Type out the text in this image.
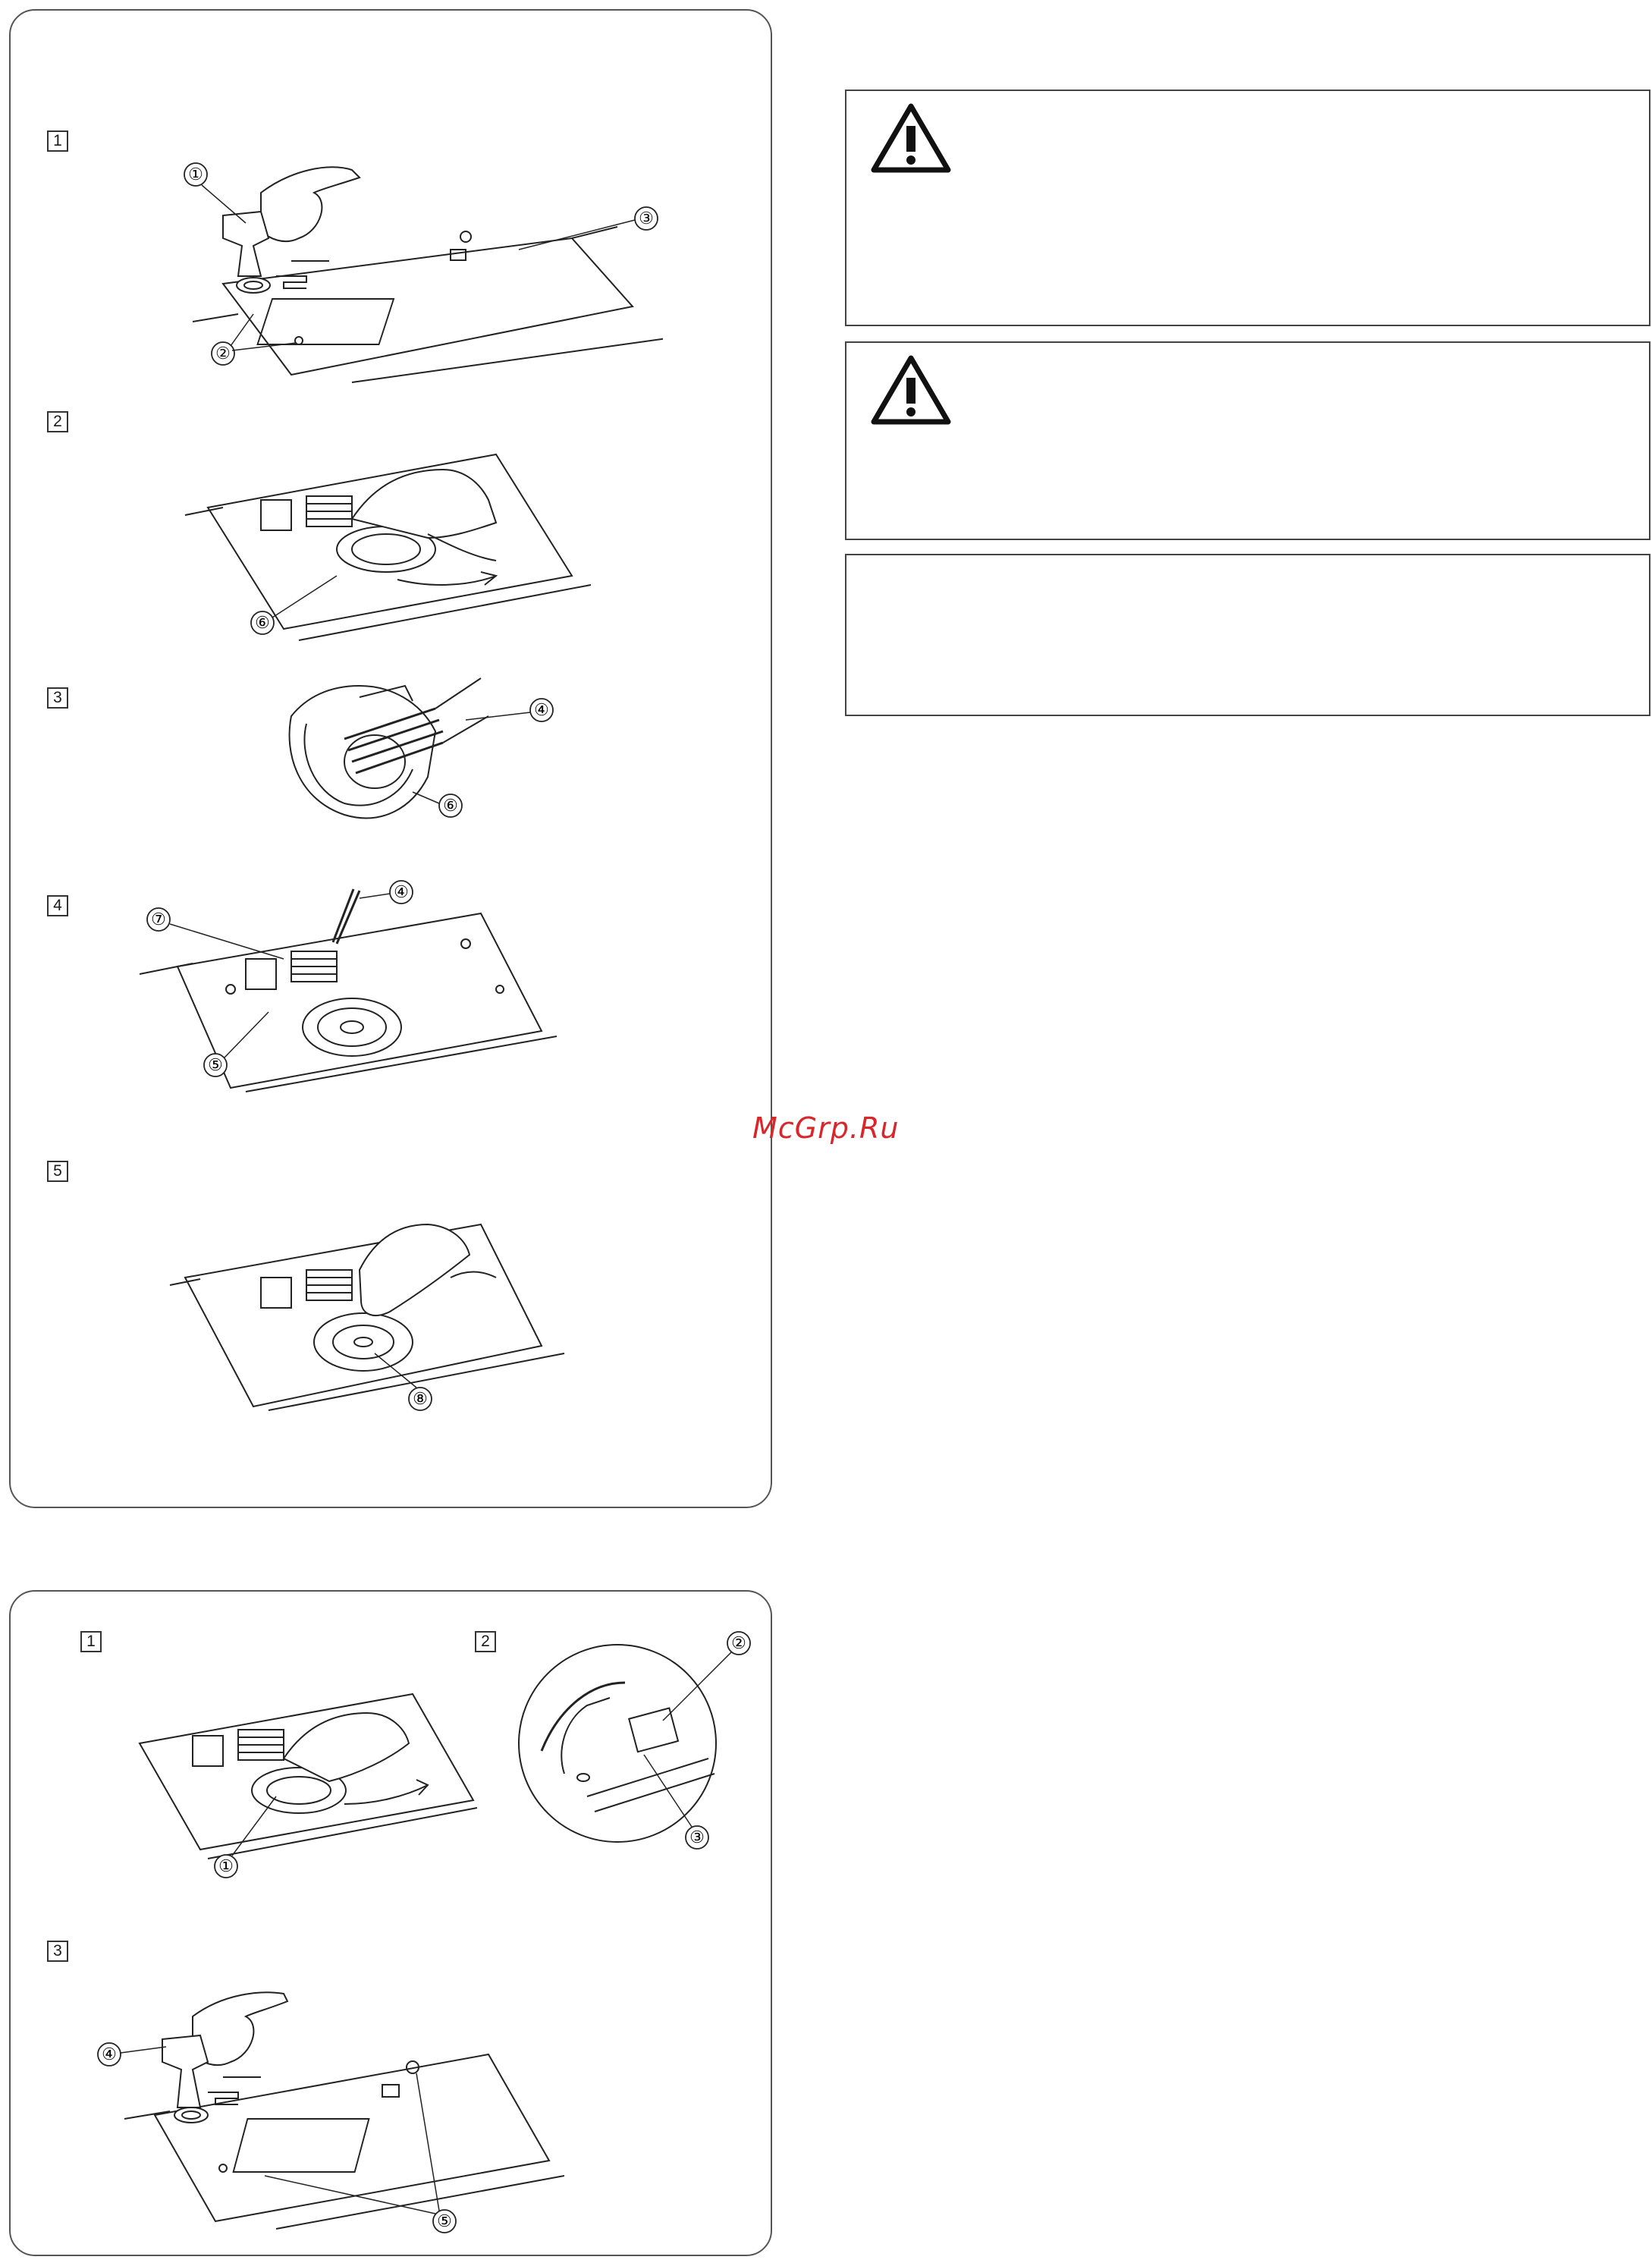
1
①
②
③
2
⑥
3
④
⑥
4
④
⑦
⑤
5
⑧
1
①
2	②
③
3
④
⑤
McGrp.Ru
